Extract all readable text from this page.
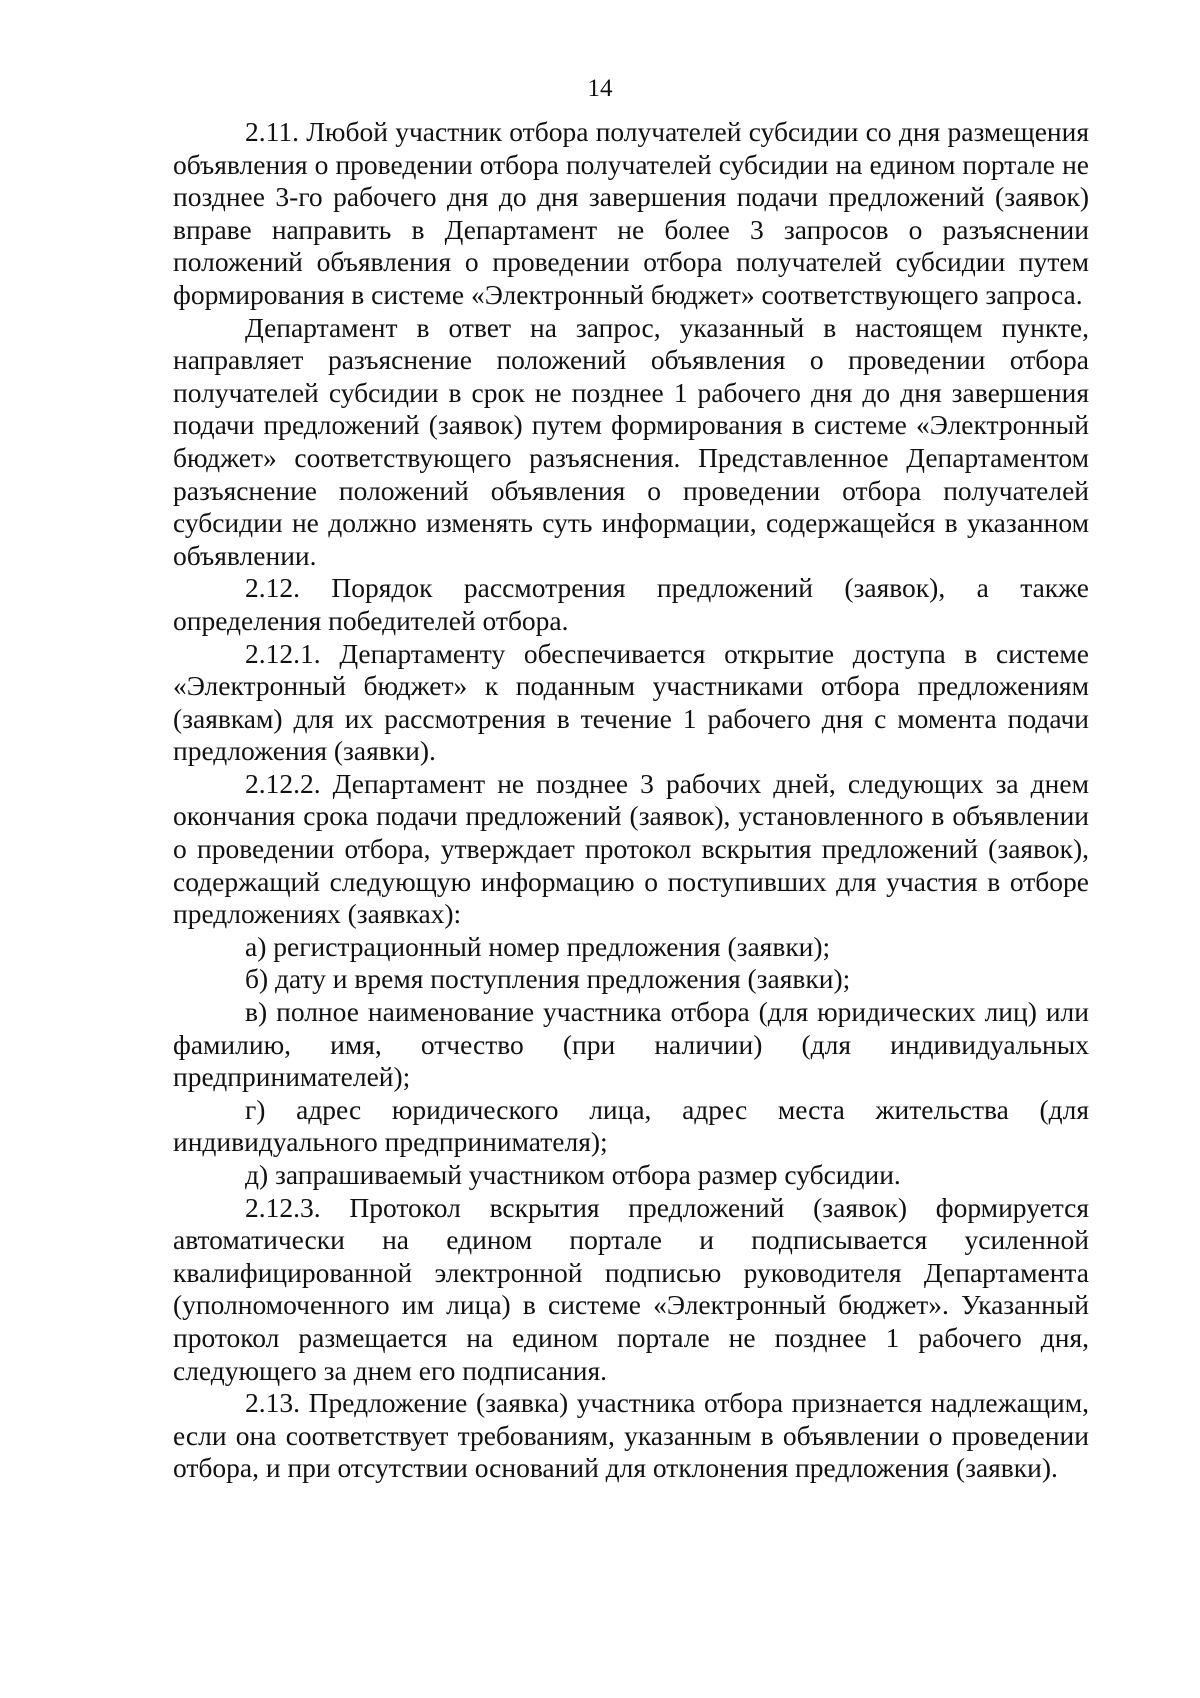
14

2.11. Любой участник отбора получателей субсидии со дня размещения объявления о проведении отбора получателей субсидии на едином портале не позднее 3-го рабочего дня до дня завершения подачи предложений (заявок) вправе направить в Департамент не более 3 запросов о разъяснении положений объявления о проведении отбора получателей субсидии путем формирования в системе «Электронный бюджет» соответствующего запроса.

Департамент в ответ на запрос, указанный в настоящем пункте, направляет разъяснение положений объявления о проведении отбора получателей субсидии в срок не позднее 1 рабочего дня до дня завершения подачи предложений (заявок) путем формирования в системе «Электронный бюджет» соответствующего разъяснения. Представленное Департаментом разъяснение положений объявления о проведении отбора получателей субсидии не должно изменять суть информации, содержащейся в указанном объявлении.

2.12. Порядок рассмотрения предложений (заявок), а также определения победителей отбора.

2.12.1. Департаменту обеспечивается открытие доступа в системе «Электронный бюджет» к поданным участниками отбора предложениям (заявкам) для их рассмотрения в течение 1 рабочего дня с момента подачи предложения (заявки).

2.12.2. Департамент не позднее 3 рабочих дней, следующих за днем окончания срока подачи предложений (заявок), установленного в объявлении о проведении отбора, утверждает протокол вскрытия предложений (заявок), содержащий следующую информацию о поступивших для участия в отборе предложениях (заявках):

а) регистрационный номер предложения (заявки);

б) дату и время поступления предложения (заявки);

в) полное наименование участника отбора (для юридических лиц) или фамилию, имя, отчество (при наличии) (для индивидуальных предпринимателей);

г) адрес юридического лица, адрес места жительства (для индивидуального предпринимателя);

д) запрашиваемый участником отбора размер субсидии.

2.12.3. Протокол вскрытия предложений (заявок) формируется автоматически на едином портале и подписывается усиленной квалифицированной электронной подписью руководителя Департамента (уполномоченного им лица) в системе «Электронный бюджет». Указанный протокол размещается на едином портале не позднее 1 рабочего дня, следующего за днем его подписания.

2.13. Предложение (заявка) участника отбора признается надлежащим, если она соответствует требованиям, указанным в объявлении о проведении отбора, и при отсутствии оснований для отклонения предложения (заявки).
